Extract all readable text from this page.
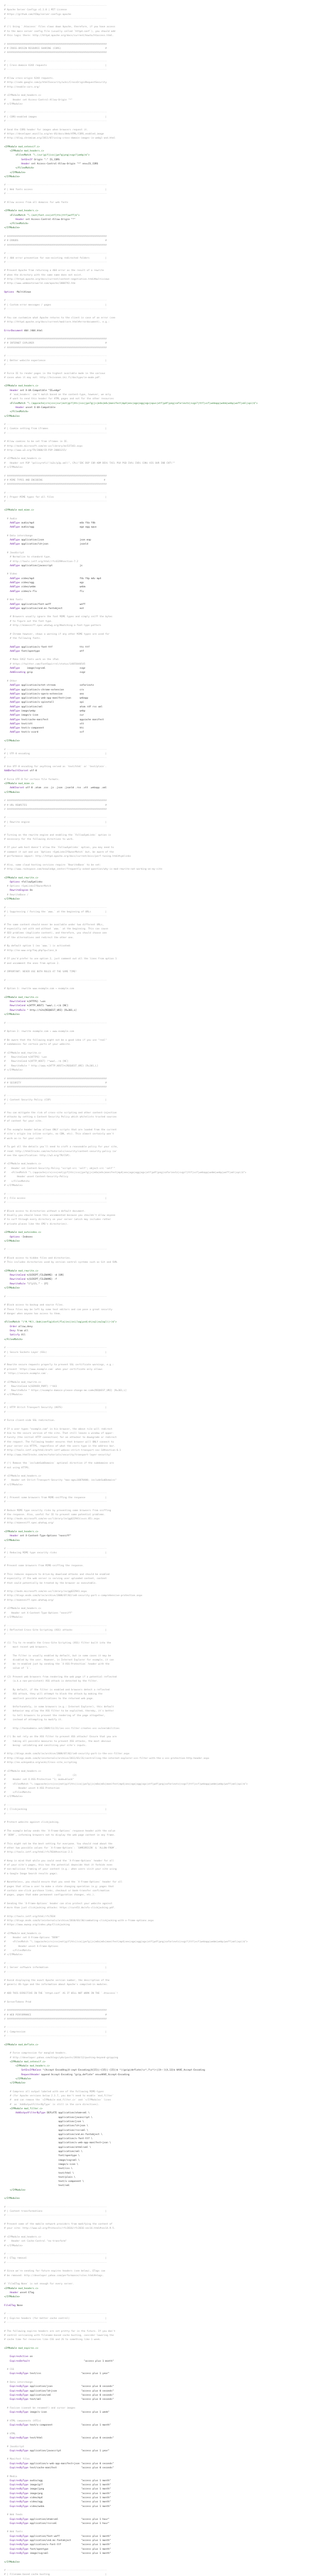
# ----------------------------------------------------------------------
# Apache Server Configs v1.1.0 | MIT License
# https://github.com/h5bp/server-configs-apache
# ----------------------------------------------------------------------
# (!) Using `.htaccess` files slows down Apache, therefore, if you have access
# to the main server config file (usually called `httpd.conf`), you should add
# this logic there: http://httpd.apache.org/docs/current/howto/htaccess.html.
# ######################################################################
# # CROSS-ORIGIN RESOURCE SHARING (CORS)                               #
# ######################################################################
# ----------------------------------------------------------------------
# | Cross-domain AJAX requests                                         |
# ----------------------------------------------------------------------
# Allow cross-origin AJAX requests.
# http://code.google.com/p/html5security/wiki/CrossOriginRequestSecurity
# http://enable-cors.org/
# <IfModule mod_headers.c>
#     Header set Access-Control-Allow-Origin "*"
# </IfModule>
# ----------------------------------------------------------------------
# | CORS-enabled images                                                |
# ----------------------------------------------------------------------
# Send the CORS header for images when browsers request it.
# https://developer.mozilla.org/en-US/docs/Web/HTML/CORS_enabled_image
# http://blog.chromium.org/2011/07/using-cross-domain-images-in-webgl-and.html
<IfModule mod_setenvif.c>
<IfModule mod_headers.c>
<FilesMatch "\.(cur|gif|ico|jpe?g|png|svgz?|webp)$">
SetEnvIf Origin ":" IS_CORS
Header set Access-Control-Allow-Origin "*" env=IS_CORS
</FilesMatch>
</IfModule>
</IfModule>
# ----------------------------------------------------------------------
# | Web fonts access                                                   |
# ----------------------------------------------------------------------
# Allow access from all domains for web fonts
<IfModule mod_headers.c>
<FilesMatch "\.(eot|font.css|otf|ttc|ttf|woff)$">
Header set Access-Control-Allow-Origin "*"
</FilesMatch>
</IfModule>
# ######################################################################
# # ERRORS                                                             #
# ######################################################################
# ----------------------------------------------------------------------
# | 404 error prevention for non-existing redirected folders           |
# ----------------------------------------------------------------------
# Prevent Apache from returning a 404 error as the result of a rewrite
# when the directory with the same name does not exist.
# http://httpd.apache.org/docs/current/content-negotiation.html#multiviews
# http://www.webmasterworld.com/apache/3808792.htm
Options -MultiViews
# ----------------------------------------------------------------------
# | Custom error messages / pages                                      |
# ----------------------------------------------------------------------
# You can customize what Apache returns to the client in case of an error (see
# http://httpd.apache.org/docs/current/mod/core.html#errordocument), e.g.:
ErrorDocument 404 /404.html
# ######################################################################
# # INTERNET EXPLORER                                                  #
# ######################################################################
# ----------------------------------------------------------------------
# | Better website experience                                          |
# ----------------------------------------------------------------------
# Force IE to render pages in the highest available mode in the various
# cases when it may not: http://hsivonen.iki.fi/doctype/ie-mode.pdf.
<IfModule mod_headers.c>
Header set X-UA-Compatible "IE=edge"
# `mod_headers` can't match based on the content-type, however, we only
# want to send this header for HTML pages and not for the other resources
<FilesMatch "\.(appcache|crx|css|cur|eot|gif|htc|ico|jpe?g|js|m4a|m4v|manifest|mp4|oex|oga|ogg|ogv|opus|otf|pdf|png|safariextz|svgz?|ttf|vcf|webapp|webm|webp|woff|xml|xpi)$">
Header unset X-UA-Compatible
</FilesMatch>
</IfModule>
# ----------------------------------------------------------------------
# | Cookie setting from iframes                                        |
# ----------------------------------------------------------------------
# Allow cookies to be set from iframes in IE.
# http://msdn.microsoft.com/en-us/library/ms537343.aspx
# http://www.w3.org/TR/2000/CR-P3P-20001215/
# <IfModule mod_headers.c>
#   Header set P3P "policyref=\"/w3c/p3p.xml\", CP=\"IDC DSP COR ADM DEVi TAIi PSA PSD IVAi IVDi CONi HIS OUR IND CNT\""
# </IfModule>
# ######################################################################
# # MIME TYPES AND ENCODING                                           #
# ######################################################################
# ----------------------------------------------------------------------
# | Proper MIME types for all files                                    |
# ----------------------------------------------------------------------
<IfModule mod_mime.c>
# Audio
AddType audio/mp4                                m4a f4a f4b
AddType audio/ogg                                oga ogg opus
# Data interchange
AddType application/json                         json map
AddType application/ld+json                      jsonld
# JavaScript
# Normalize to standard type.
# http://tools.ietf.org/html/rfc4329#section-7.2
AddType application/javascript                   js
# Video
AddType video/mp4                                f4v f4p m4v mp4
AddType video/ogg                                ogv
AddType video/webm                               webm
AddType video/x-flv                              flv
# Web fonts
AddType application/font-woff                    woff
AddType application/vnd.ms-fontobject            eot
# Browsers usually ignore the font MIME types and simply sniff the bytes
# to figure out the font type.
# http://mimesniff.spec.whatwg.org/#matching-a-font-type-pattern
# Chrome however, shows a warning if any other MIME types are used for
# the following fonts.
AddType application/x-font-ttf                   ttc ttf
AddType font/opentype                            otf
# Make SVGZ fonts work on the iPad.
# https://twitter.com/FontSquirrel/status/14855840545
AddType     image/svg+xml                        svgz
AddEncoding gzip                                 svgz
# Other
AddType application/octet-stream                 safariextz
AddType application/x-chrome-extension           crx
AddType application/x-opera-extension            oex
AddType application/x-web-app-manifest+json      webapp
AddType application/x-xpinstall                  xpi
AddType application/xml                          atom rdf rss xml
AddType image/webp                               webp
AddType image/x-icon                             cur
AddType text/cache-manifest                      appcache manifest
AddType text/vtt                                 vtt
AddType text/x-component                         htc
AddType text/x-vcard                             vcf
</IfModule>
# ----------------------------------------------------------------------
# | UTF-8 encoding                                                     |
# ----------------------------------------------------------------------
# Use UTF-8 encoding for anything served as `text/html` or `text/plain`.
AddDefaultCharset utf-8
# Force UTF-8 for certain file formats.
<IfModule mod_mime.c>
AddCharset utf-8 .atom .css .js .json .jsonld .rss .vtt .webapp .xml
</IfModule>
# ######################################################################
# # URL REWRITES                                                       #
# ######################################################################
# ----------------------------------------------------------------------
# | Rewrite engine                                                     |
# ----------------------------------------------------------------------
# Turning on the rewrite engine and enabling the `FollowSymLinks` option is
# necessary for the following directives to work.
# If your web host doesn't allow the `FollowSymlinks` option, you may need to
# comment it out and use `Options +SymLinksIfOwnerMatch` but, be aware of the
# performance impact: http://httpd.apache.org/docs/current/misc/perf-tuning.html#symlinks
# Also, some cloud hosting services require `RewriteBase` to be set:
# http://www.rackspace.com/knowledge_center/frequently-asked-question/why-is-mod-rewrite-not-working-on-my-site
<IfModule mod_rewrite.c>
Options +FollowSymlinks
# Options +SymLinksIfOwnerMatch
RewriteEngine On
# RewriteBase /
</IfModule>
# ----------------------------------------------------------------------
# | Suppressing / Forcing the `www.` at the beginning of URLs          |
# ----------------------------------------------------------------------
# The same content should never be available under two different URLs,
# especially not with and without `www.` at the beginning. This can cause
# SEO problems (duplicate content), and therefore, you should choose one
# of the alternatives and redirect the other one.
# By default option 1 (no `www.`) is activated:
# http://no-www.org/faq.php?q=class_b
# If you'd prefer to use option 2, just comment out all the lines from option 1
# and uncomment the ones from option 2.
# IMPORTANT: NEVER USE BOTH RULES AT THE SAME TIME!
# ----------------------------------------------------------------------
# Option 1: rewrite www.example.com → example.com
<IfModule mod_rewrite.c>
RewriteCond %{HTTPS} !=on
RewriteCond %{HTTP_HOST} ^www\.(.+)$ [NC]
RewriteRule ^ http://%1%{REQUEST_URI} [R=301,L]
</IfModule>
# ----------------------------------------------------------------------
# Option 2: rewrite example.com → www.example.com
# Be aware that the following might not be a good idea if you use "real"
# subdomains for certain parts of your website.
# <IfModule mod_rewrite.c>
#    RewriteCond %{HTTPS} !=on
#    RewriteCond %{HTTP_HOST} !^www\..+$ [NC]
#    RewriteRule ^ http://www.%{HTTP_HOST}%{REQUEST_URI} [R=301,L]
# </IfModule>
# ######################################################################
# # SECURITY                                                           #
# ######################################################################
# ----------------------------------------------------------------------
# | Content Security Policy (CSP)                                      |
# ----------------------------------------------------------------------
# You can mitigate the risk of cross-site scripting and other content-injection
# attacks by setting a Content Security Policy which whitelists trusted sources
# of content for your site.
# The example header below allows ONLY scripts that are loaded from the current
# site's origin (no inline scripts, no CDN, etc). This almost certainly won't
# work as-is for your site!
# To get all the details you'll need to craft a reasonable policy for your site,
# read: http://html5rocks.com/en/tutorials/security/content-security-policy (or
# see the specification: http://w3.org/TR/CSP).
# <IfModule mod_headers.c>
#    Header set Content-Security-Policy "script-src 'self'; object-src 'self'"
#    <FilesMatch "\.(appcache|crx|css|eot|gif|htc|ico|jpe?g|js|m4a|m4v|manifest|mp4|oex|oga|ogg|ogv|otf|pdf|png|safariextz|svgz?|ttf|vcf|webapp|webm|webp|woff|xml|xpi)$">
#        Header unset Content-Security-Policy
#    </FilesMatch>
# </IfModule>
# ----------------------------------------------------------------------
# | File access                                                        |
# ----------------------------------------------------------------------
# Block access to directories without a default document.
# Usually you should leave this uncommented because you shouldn't allow anyone
# to surf through every directory on your server (which may includes rather
# private places like the CMS's directories).
<IfModule mod_autoindex.c>
Options -Indexes
</IfModule>
# ----------------------------------------------------------------------
# Block access to hidden files and directories.
# This includes directories used by version control systems such as Git and SVN.
<IfModule mod_rewrite.c>
RewriteCond %{SCRIPT_FILENAME} -d [OR]
RewriteCond %{SCRIPT_FILENAME} -f
RewriteRule "(^|/)\." - [F]
</IfModule>
# ----------------------------------------------------------------------
# Block access to backup and source files.
# These files may be left by some text editors and can pose a great security
# danger when anyone has access to them.
<FilesMatch "(^#.*#|\.(bak|config|dist|fla|inc|ini|log|psd|sh|sql|sw[op])|~)$">
Order allow,deny
Deny from all
Satisfy All
</FilesMatch>
# ----------------------------------------------------------------------
# | Secure Sockets Layer (SSL)                                         |
# ----------------------------------------------------------------------
# Rewrite secure requests properly to prevent SSL certificate warnings, e.g.:
# prevent `https://www.example.com` when your certificate only allows
# `https://secure.example.com`.
# <IfModule mod_rewrite.c>
#    RewriteCond %{SERVER_PORT} !^443
#    RewriteRule ^ https://example-domain-please-change-me.com%{REQUEST_URI} [R=301,L]
# </IfModule>
# ----------------------------------------------------------------------
# | HTTP Strict Transport Security (HSTS)                              |
# ----------------------------------------------------------------------
# Force client-side SSL redirection.
# If a user types "example.com" in his browser, the above rule will redirect
# him to the secure version of the site. That still leaves a window of oppor-
# tunity (the initial HTTP connection) for an attacker to downgrade or redirect
# the request. The following header ensures that browser will ONLY connect to
# your server via HTTPS, regardless of what the users type in the address bar.
# http://tools.ietf.org/html/draft-ietf-websec-strict-transport-sec-14#section-6.1
# http://www.html5rocks.com/en/tutorials/security/transport-layer-security/
# (!) Remove the `includeSubDomains` optional directive if the subdomains are
# not using HTTPS.
# <IfModule mod_headers.c>
#    Header set Strict-Transport-Security "max-age=16070400; includeSubDomains"
# </IfModule>
# ----------------------------------------------------------------------
# | Prevent some browsers from MIME-sniffing the response              |
# ----------------------------------------------------------------------
# Reduce MIME type security risks by preventing some browsers from sniffing
# the response. Also, useful for IE to prevent some potential problems.
# http://msdn.microsoft.com/en-us/library/ie/gg622941(v=vs.85).aspx
# http://mimesniff.spec.whatwg.org/
<IfModule mod_headers.c>
Header set X-Content-Type-Options "nosniff"
</IfModule>
# ----------------------------------------------------------------------
# | Reducing MIME type security risks                                  |
# ----------------------------------------------------------------------
# Prevent some browsers from MIME-sniffing the response.
# This reduces exposure to drive-by download attacks and should be enabled
# especially if the web server is serving user uploaded content, content
# that could potentially be treated by the browser as executable.
# http://msdn.microsoft.com/en-us/library/ie/gg622941.aspx
# http://blogs.msdn.com/b/ie/archive/2008/07/02/ie8-security-part-v-comprehensive-protection.aspx
# http://mimesniff.spec.whatwg.org/
# <IfModule mod_headers.c>
#    Header set X-Content-Type-Options "nosniff"
# </IfModule>
# ----------------------------------------------------------------------
# | Reflected Cross-Site Scripting (XSS) attacks                       |
# ----------------------------------------------------------------------
# (1) Try to re-enable the Cross-Site Scripting (XSS) filter built into the
#     most recent web browsers.
#     The filter is usually enabled by default, but in some cases it may be
#     disabled by the user. However, in Internet Explorer for example, it can
#     be re-enabled just by sending the `X-XSS-Protection` header with the
#     value of `1`.
# (2) Prevent web browsers from rendering the web page if a potential reflected
#     (a.k.a non-persistent) XSS attack is detected by the filter.
#     By default, if the filter is enabled and browsers detect a reflected
#     XSS attack, they will attempt to block the attack by making the
#     smallest possible modifications to the returned web page.
#     Unfortunately, in some browsers (e.g.: Internet Explorer), this default
#     behavior may allow the XSS filter to be exploited, thereby, it's better
#     to tell browsers to prevent the rendering of the page altogether,
#     instead of attempting to modify it.
#     http://hackademix.net/2009/11/21/ies-xss-filter-creates-xss-vulnerabilities
# (!) Do not rely on the XSS filter to prevent XSS attacks! Ensure that you are
#     taking all possible measures to prevent XSS attacks, the most obvious
#     being: validating and sanitizing your site's inputs.
# http://blogs.msdn.com/b/ie/archive/2008/07/02/ie8-security-part-iv-the-xss-filter.aspx
# http://blogs.msdn.com/b/ieinternals/archive/2011/01/31/controlling-the-internet-explorer-xss-filter-with-the-x-xss-protection-http-header.aspx
# http://en.wikipedia.org/wiki/Cross-site_scripting
# <IfModule mod_headers.c>
#                                    (1)        (2)
#     Header set X-XSS-Protection "1; mode=block"
#     <FilesMatch "\.(appcache|crx|css|eot|gif|htc|ico|jpe?g|js|m4a|m4v|manifest|mp4|oex|oga|ogg|ogv|otf|pdf|png|safariextz|svgz?|ttf|vcf|webapp|webm|webp|woff|xml|xpi)$">
#         Header unset X-XSS-Protection
#     </FilesMatch>
# </IfModule>
# ----------------------------------------------------------------------
# | Clickjacking                                                       |
# ----------------------------------------------------------------------
# Protect website against clickjacking.
# The example below sends the `X-Frame-Options` response header with the value
# `DENY`, informing browsers not to display the web page content in any frame.
# This might not be the best setting for everyone. You should read about the
# other two possible values for `X-Frame-Options`: `SAMEORIGIN` & `ALLOW-FROM`.
# http://tools.ietf.org/html/rfc7034#section-2.1
# Keep in mind that while you could send the `X-Frame-Options` header for all
# of your site’s pages, this has the potential downside that it forbids even
# non-malicious framing of your content (e.g.: when users visit your site using
# a Google Image Search results page).
# Nonetheless, you should ensure that you send the `X-Frame-Options` header for all
# pages that allow a user to make a state changing operation (e.g: pages that
# contain one-click purchase links, checkout or bank-transfer confirmation
# pages, pages that make permanent configuration changes, etc.).
# Sending the `X-Frame-Options` header can also protect your website against
# more than just clickjacking attacks: https://cure53.de/xfo-clickjacking.pdf.
# http://tools.ietf.org/html/rfc7034
# http://blogs.msdn.com/b/ieinternals/archive/2010/03/30/combating-clickjacking-with-x-frame-options.aspx
# https://www.owasp.org/index.php/Clickjacking
# <IfModule mod_headers.c>
#     Header set X-Frame-Options "DENY"
#     <FilesMatch "\.(appcache|crx|css|eot|gif|htc|ico|jpe?g|js|m4a|m4v|manifest|mp4|oex|oga|ogg|ogv|otf|pdf|png|safariextz|svgz?|ttf|vcf|webapp|webm|webp|woff|xml|xpi)$">
#         Header unset X-Frame-Options
#     </FilesMatch>
# </IfModule>
# ----------------------------------------------------------------------
# | Server software information                                        |
# ----------------------------------------------------------------------
# Avoid displaying the exact Apache version number, the description of the
# generic OS-type and the information about Apache's compiled-in modules.
# ADD THIS DIRECTIVE IN THE `httpd.conf` AS IT WILL NOT WORK IN THE `.htaccess`!
# ServerTokens Prod
# ######################################################################
# # WEB PERFORMANCE                                                    #
# ######################################################################
# ----------------------------------------------------------------------
# | Compression                                                        |
# ----------------------------------------------------------------------
<IfModule mod_deflate.c>
# Force compression for mangled headers.
# http://developer.yahoo.com/blogs/ydn/posts/2010/12/pushing-beyond-gzipping
<IfModule mod_setenvif.c>
<IfModule mod_headers.c>
SetEnvIfNoCase ^(Accept-EncodXng|X-cept-Encoding|X{15}|~{15}|-{15})$ ^((gzip|deflate)\s*,?\s*)+|[X~-]{4,13}$ HAVE_Accept-Encoding
RequestHeader append Accept-Encoding "gzip,deflate" env=HAVE_Accept-Encoding
</IfModule>
</IfModule>
# Compress all output labeled with one of the following MIME-types
# (for Apache versions below 2.3.7, you don't need to enable `mod_filter`
#  and can remove the `<IfModule mod_filter.c>` and `</IfModule>` lines
#  as `AddOutputFilterByType` is still in the core directives).
<IfModule mod_filter.c>
AddOutputFilterByType DEFLATE application/atom+xml \
application/javascript \
application/json \
application/ld+json \
application/rss+xml \
application/vnd.ms-fontobject \
application/x-font-ttf \
application/x-web-app-manifest+json \
application/xhtml+xml \
application/xml \
font/opentype \
image/svg+xml \
image/x-icon \
text/css \
text/html \
text/plain \
text/x-component \
text/xml
</IfModule>
</IfModule>
# ----------------------------------------------------------------------
# | Content transformations                                            |
# ----------------------------------------------------------------------
# Prevent some of the mobile network providers from modifying the content of
# your site: http://www.w3.org/Protocols/rfc2616/rfc2616-sec14.html#sec14.9.5.
# <IfModule mod_headers.c>
#    Header set Cache-Control "no-transform"
# </IfModule>
# ----------------------------------------------------------------------
# | ETag removal                                                       |
# ----------------------------------------------------------------------
# Since we're sending far-future expires headers (see below), ETags can
# be removed: http://developer.yahoo.com/performance/rules.html#etags.
# `FileETag None` is not enough for every server.
<IfModule mod_headers.c>
Header unset ETag
</IfModule>
FileETag None
# ----------------------------------------------------------------------
# | Expires headers (for better cache control)                         |
# ----------------------------------------------------------------------
# The following expires headers are set pretty far in the future. If you don't
# control versioning with filename-based cache busting, consider lowering the
# cache time for resources like CSS and JS to something like 1 week.
<IfModule mod_expires.c>
ExpiresActive on
ExpiresDefault                                      "access plus 1 month"
# CSS
ExpiresByType text/css                            "access plus 1 year"
# Data interchange
ExpiresByType application/json                    "access plus 0 seconds"
ExpiresByType application/ld+json                 "access plus 0 seconds"
ExpiresByType application/xml                     "access plus 0 seconds"
ExpiresByType text/xml                            "access plus 0 seconds"
# Favicon (cannot be renamed!) and cursor images
ExpiresByType image/x-icon                        "access plus 1 week"
# HTML components (HTCs)
ExpiresByType text/x-component                    "access plus 1 month"
# HTML
ExpiresByType text/html                           "access plus 0 seconds"
# JavaScript
ExpiresByType application/javascript              "access plus 1 year"
# Manifest files
ExpiresByType application/x-web-app-manifest+json "access plus 0 seconds"
ExpiresByType text/cache-manifest                 "access plus 0 seconds"
# Media
ExpiresByType audio/ogg                           "access plus 1 month"
ExpiresByType image/gif                           "access plus 1 month"
ExpiresByType image/jpeg                          "access plus 1 month"
ExpiresByType image/png                           "access plus 1 month"
ExpiresByType video/mp4                           "access plus 1 month"
ExpiresByType video/ogg                           "access plus 1 month"
ExpiresByType video/webm                          "access plus 1 month"
# Web feeds
ExpiresByType application/atom+xml                "access plus 1 hour"
ExpiresByType application/rss+xml                 "access plus 1 hour"
# Web fonts
ExpiresByType application/font-woff               "access plus 1 month"
ExpiresByType application/vnd.ms-fontobject       "access plus 1 month"
ExpiresByType application/x-font-ttf              "access plus 1 month"
ExpiresByType font/opentype                       "access plus 1 month"
ExpiresByType image/svg+xml                       "access plus 1 month"
</IfModule>
# ----------------------------------------------------------------------
# | Filename-based cache busting                                       |
